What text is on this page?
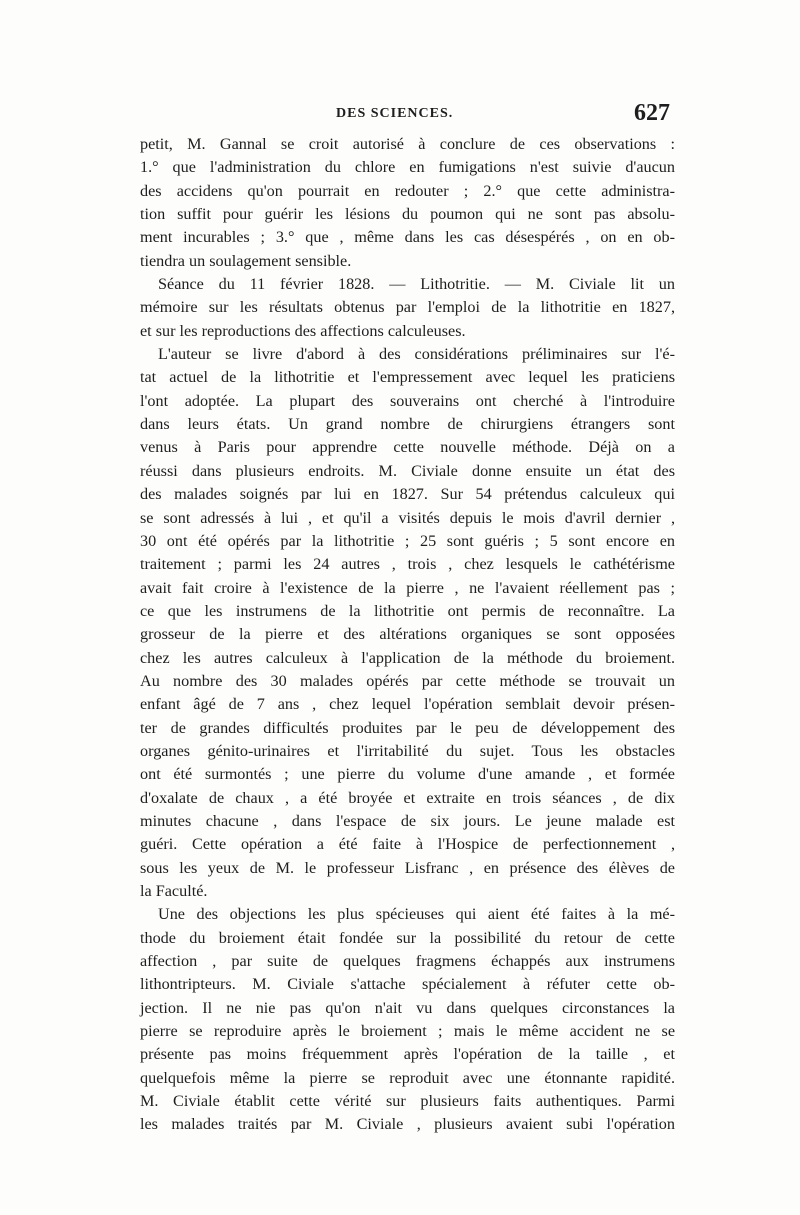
DES SCIENCES.	627
petit, M. Gannal se croit autorisé à conclure de ces observations :
1.° que l'administration du chlore en fumigations n'est suivie d'aucun
des accidens qu'on pourrait en redouter ; 2.° que cette administra-
tion suffit pour guérir les lésions du poumon qui ne sont pas absolu-
ment incurables ; 3.° que , même dans les cas désespérés , on en ob-
tiendra un soulagement sensible.
Séance du 11 février 1828. — Lithotritie. — M. Civiale lit un
mémoire sur les résultats obtenus par l'emploi de la lithotritie en 1827,
et sur les reproductions des affections calculeuses.
L'auteur se livre d'abord à des considérations préliminaires sur l'é-
tat actuel de la lithotritie et l'empressement avec lequel les praticiens
l'ont adoptée. La plupart des souverains ont cherché à l'introduire
dans leurs états. Un grand nombre de chirurgiens étrangers sont
venus à Paris pour apprendre cette nouvelle méthode. Déjà on a
réussi dans plusieurs endroits. M. Civiale donne ensuite un état des
des malades soignés par lui en 1827. Sur 54 prétendus calculeux qui
se sont adressés à lui , et qu'il a visités depuis le mois d'avril dernier ,
30 ont été opérés par la lithotritie ; 25 sont guéris ; 5 sont encore en
traitement ; parmi les 24 autres , trois , chez lesquels le cathétérisme
avait fait croire à l'existence de la pierre , ne l'avaient réellement pas ;
ce que les instrumens de la lithotritie ont permis de reconnaître. La
grosseur de la pierre et des altérations organiques se sont opposées
chez les autres calculeux à l'application de la méthode du broiement.
Au nombre des 30 malades opérés par cette méthode se trouvait un
enfant âgé de 7 ans , chez lequel l'opération semblait devoir présen-
ter de grandes difficultés produites par le peu de développement des
organes génito-urinaires et l'irritabilité du sujet. Tous les obstacles
ont été surmontés ; une pierre du volume d'une amande , et formée
d'oxalate de chaux , a été broyée et extraite en trois séances , de dix
minutes chacune , dans l'espace de six jours. Le jeune malade est
guéri. Cette opération a été faite à l'Hospice de perfectionnement ,
sous les yeux de M. le professeur Lisfranc , en présence des élèves de
la Faculté.
Une des objections les plus spécieuses qui aient été faites à la mé-
thode du broiement était fondée sur la possibilité du retour de cette
affection , par suite de quelques fragmens échappés aux instrumens
lithontripteurs. M. Civiale s'attache spécialement à réfuter cette ob-
jection. Il ne nie pas qu'on n'ait vu dans quelques circonstances la
pierre se reproduire après le broiement ; mais le même accident ne se
présente pas moins fréquemment après l'opération de la taille , et
quelquefois même la pierre se reproduit avec une étonnante rapidité.
M. Civiale établit cette vérité sur plusieurs faits authentiques. Parmi
les malades traités par M. Civiale , plusieurs avaient subi l'opération
